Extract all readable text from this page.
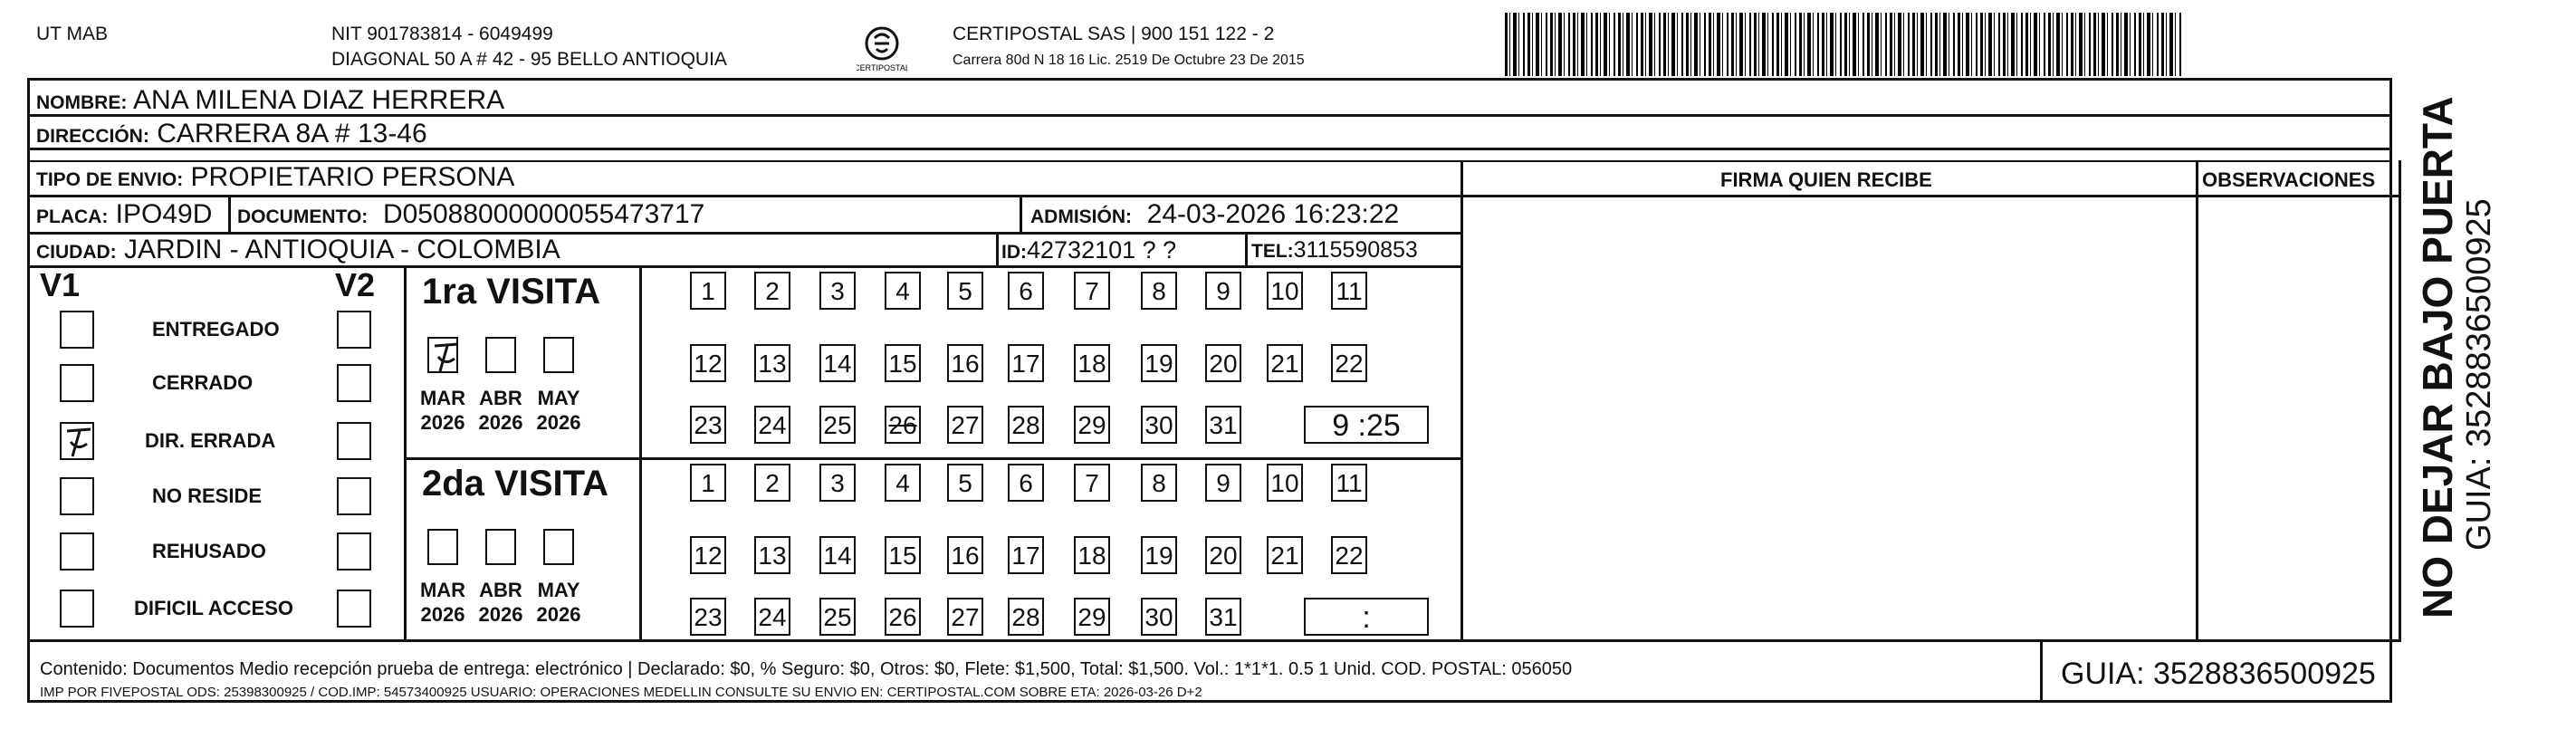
UT MAB	NIT 901783814 - 6049499
DIAGONAL 50 A # 42 - 95 BELLO ANTIOQUIA	CERTIPOSTAL
CERTIPOSTAL SAS | 900 151 122 - 2
Carrera 80d N 18 16 Lic. 2519 De Octubre 23 De 2015
NOMBRE: ANA MILENA DIAZ HERRERA
DIRECCIÓN: CARRERA 8A # 13-46
TIPO DE ENVIO: PROPIETARIO PERSONA
PLACA: IPO49D DOCUMENTO: D05088000000055473717	ADMISIÓN: 24-03-2026 16:23:22
CIUDAD: JARDIN - ANTIOQUIA - COLOMBIA	ID:42732101 ? ?	TEL:3115590853
FIRMA QUIEN RECIBE	OBSERVACIONES
V1	V2
ENTREGADO
CERRADO
DIR. ERRADA
NO RESIDE
REHUSADO
DIFICIL ACCESO
1ra VISITA
MAR
2026
ABR
2026
MAY
2026
1	2	3	4	5	6	7	8	9	10 11
12 13 14 15 16 17 18 19 20 21 22
23 24 25 26 27 28 29 30 31	9 :25
2da VISITA
MAR
2026
ABR
2026
MAY
2026
1	2	3	4	5	6	7	8	9	10 11
12 13 14 15 16 17 18 19 20 21 22
23 24 25 26 27 28 29 30 31	:
Contenido: Documentos Medio recepción prueba de entrega: electrónico | Declarado: $0, % Seguro: $0, Otros: $0, Flete: $1,500, Total: $1,500. Vol.: 1*1*1. 0.5 1 Unid. COD. POSTAL: 056050
IMP POR FIVEPOSTAL ODS: 25398300925 / COD.IMP: 54573400925 USUARIO: OPERACIONES MEDELLIN CONSULTE SU ENVIO EN: CERTIPOSTAL.COM SOBRE ETA: 2026-03-26 D+2
GUIA: 3528836500925
NO DEJAR BAJO PUERTA GUIA: 3528836500925
